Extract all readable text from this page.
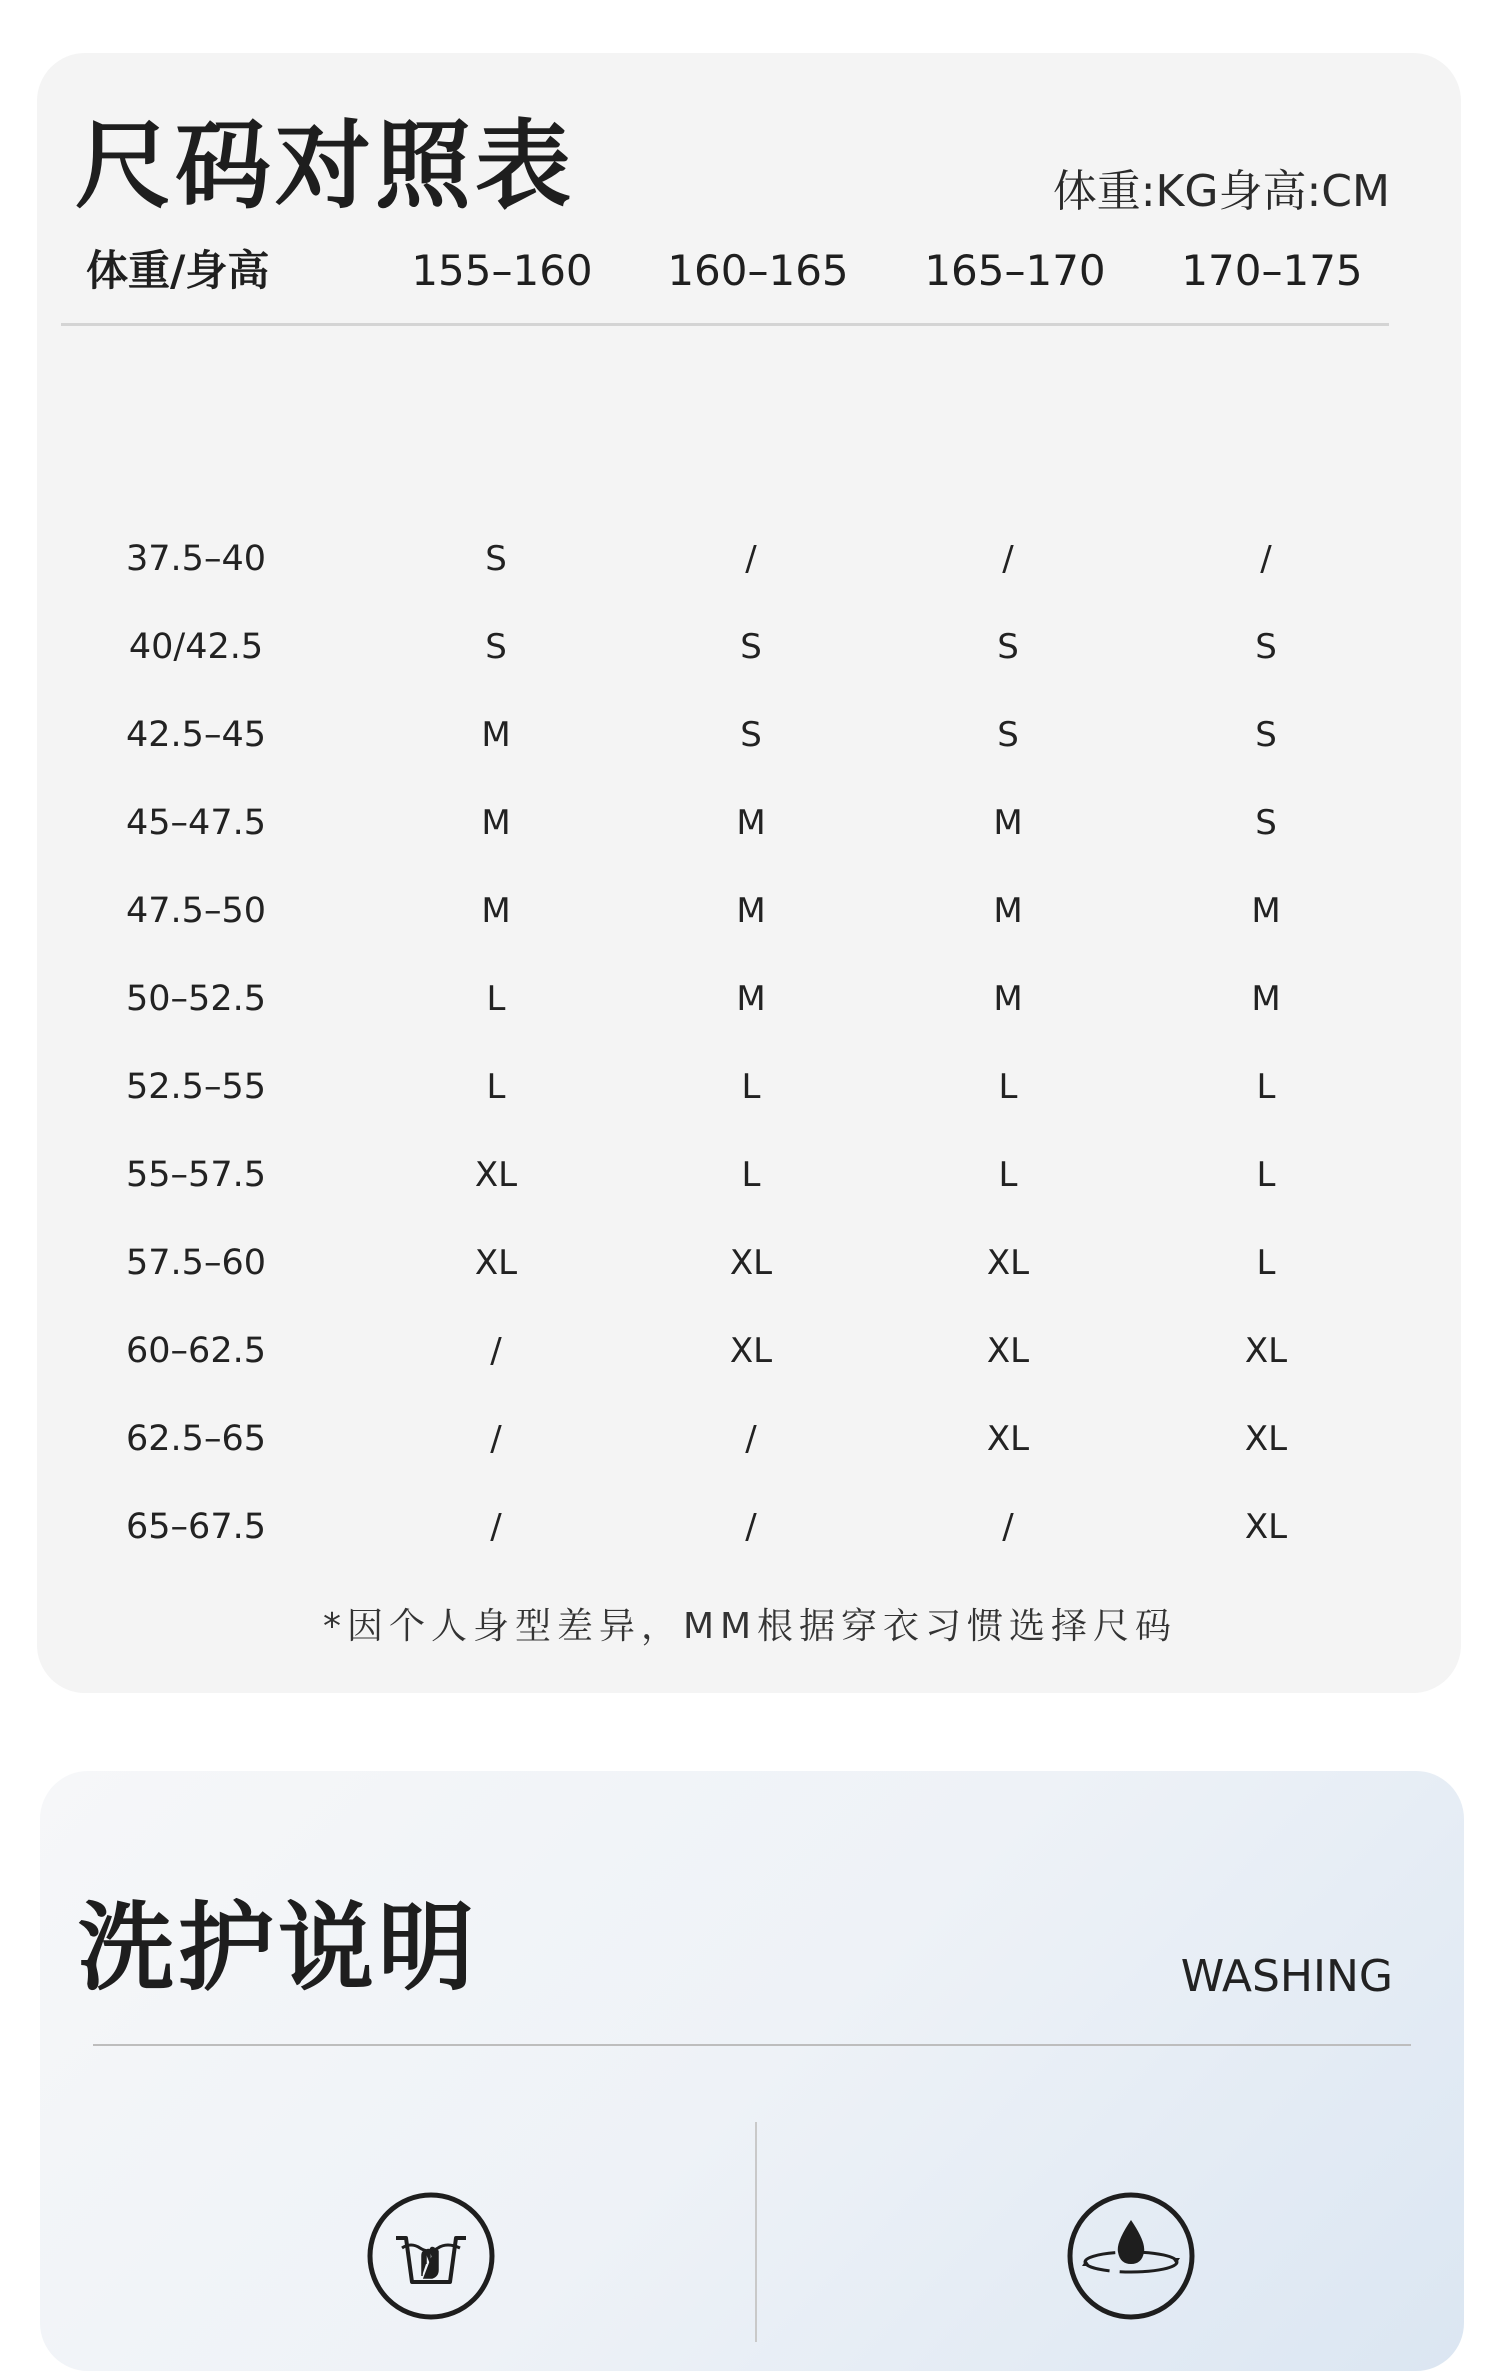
尺码对照表	体重:KG身高:CM
体重/身高	155–160	160–165	165–170	170–175
37.5–40	S	/	/	/
40/42.5	S	S	S	S
42.5–45	M	S	S	S
45–47.5	M	M	M	S
47.5–50	M	M	M	M
50–52.5	L	M	M	M
52.5–55	L	L	L	L
55–57.5	XL	L	L	L
57.5–60	XL	XL	XL	L
60–62.5	/	XL	XL	XL
62.5–65	/	/	XL	XL
65–67.5	/	/	/	XL
*因个人身型差异，MM根据穿衣习惯选择尺码
洗护说明	WASHING
